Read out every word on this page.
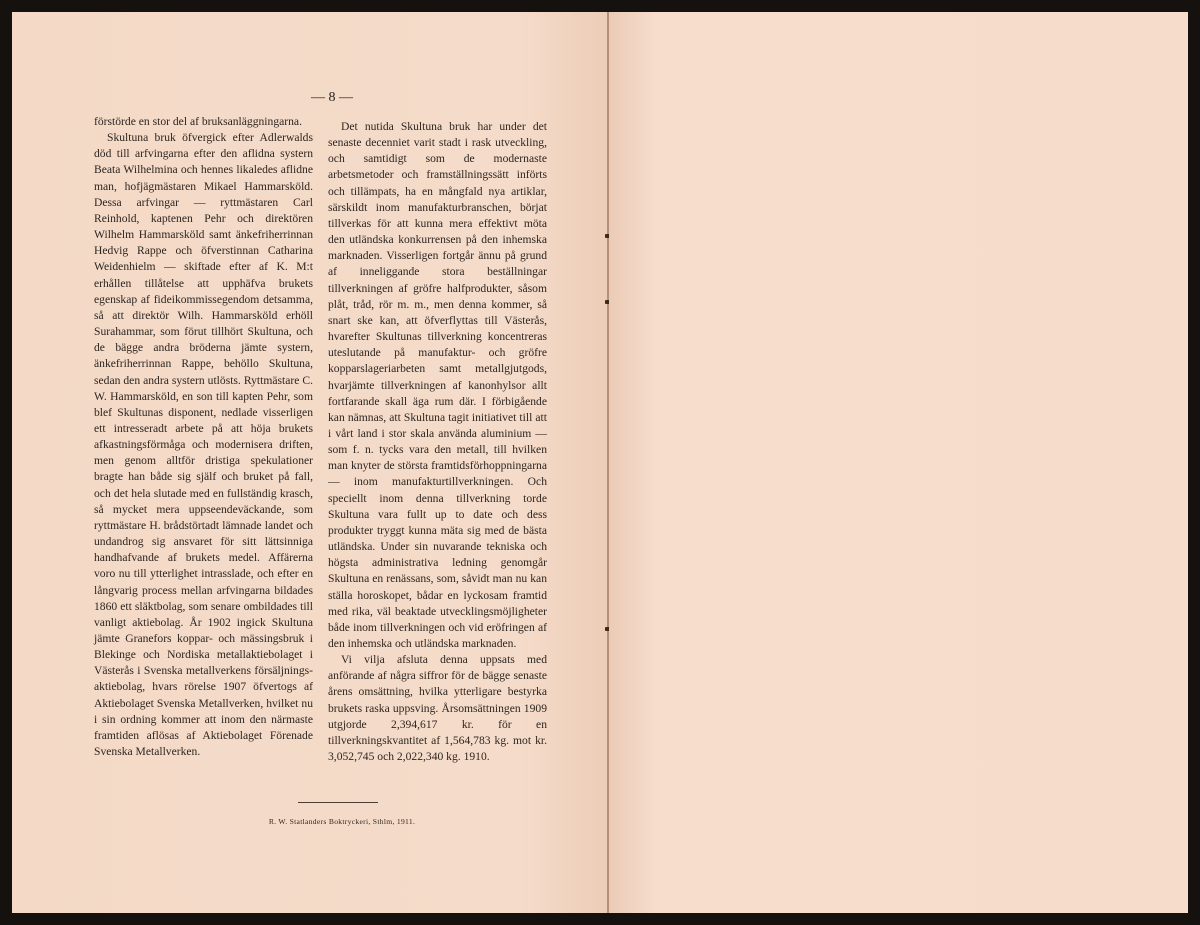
— 8 —

förstörde en stor del af bruksanläggningarna.

Skultuna bruk öfvergick efter Adlerwalds död till arfvingarna efter den aflidna systern Beata Wilhelmina och hennes likaledes aflidne man, hofjägmästaren Mikael Hammarsköld. Dessa arfvingar — ryttmästaren Carl Reinhold, kaptenen Pehr och direktören Wilhelm Hammarsköld samt änkefriherrinnan Hedvig Rappe och öfverstinnan Catharina Weidenhielm — skiftade efter af K. M:t erhållen tillåtelse att upphäfva brukets egenskap af fideikommissegendom detsamma, så att direktör Wilh. Hammarsköld erhöll Surahammar, som förut tillhört Skultuna, och de bägge andra bröderna jämte systern, änkefriherrinnan Rappe, behöllo Skultuna, sedan den andra systern utlösts. Ryttmästare C. W. Hammarsköld, en son till kapten Pehr, som blef Skultunas disponent, nedlade visserligen ett intresseradt arbete på att höja brukets afkastningsförmåga och modernisera driften, men genom alltför dristiga spekulationer bragte han både sig själf och bruket på fall, och det hela slutade med en fullständig krasch, så mycket mera uppseendeväckande, som ryttmästare H. brådstörtadt lämnade landet och undandrog sig ansvaret för sitt lättsinniga handhafvande af brukets medel. Affärerna voro nu till ytterlighet intrasslade, och efter en långvarig process mellan arfvingarna bildades 1860 ett släktbolag, som senare ombildades till vanligt aktiebolag. År 1902 ingick Skultuna jämte Granefors koppar- och mässingsbruk i Blekinge och Nordiska metallaktiebolaget i Västerås i Svenska metallverkens försäljnings-aktiebolag, hvars rörelse 1907 öfvertogs af Aktiebolaget Svenska Metallverken, hvilket nu i sin ordning kommer att inom den närmaste framtiden aflösas af Aktiebolaget Förenade Svenska Metallverken.

Det nutida Skultuna bruk har under det senaste decenniet varit stadt i rask utveckling, och samtidigt som de modernaste arbetsmetoder och framställningssätt införts och tillämpats, ha en mångfald nya artiklar, särskildt inom manufakturbranschen, börjat tillverkas för att kunna mera effektivt möta den utländska konkurrensen på den inhemska marknaden. Visserligen fortgår ännu på grund af inneliggande stora beställningar tillverkningen af gröfre halfprodukter, såsom plåt, tråd, rör m. m., men denna kommer, så snart ske kan, att öfverflyttas till Västerås, hvarefter Skultunas tillverkning koncentreras uteslutande på manufaktur- och gröfre kopparslageriarbeten samt metallgjutgods, hvarjämte tillverkningen af kanonhylsor allt fortfarande skall äga rum där. I förbigående kan nämnas, att Skultuna tagit initiativet till att i vårt land i stor skala använda aluminium — som f. n. tycks vara den metall, till hvilken man knyter de största framtidsförhoppningarna — inom manufakturtillverkningen. Och speciellt inom denna tillverkning torde Skultuna vara fullt up to date och dess produkter tryggt kunna mäta sig med de bästa utländska. Under sin nuvarande tekniska och högsta administrativa ledning genomgår Skultuna en renässans, som, såvidt man nu kan ställa horoskopet, bådar en lyckosam framtid med rika, väl beaktade utvecklingsmöjligheter både inom tillverkningen och vid eröfringen af den inhemska och utländska marknaden.

Vi vilja afsluta denna uppsats med anförande af några siffror för de bägge senaste årens omsättning, hvilka ytterligare bestyrka brukets raska uppsving. Årsomsättningen 1909 utgjorde 2,394,617 kr. för en tillverkningskvantitet af 1,564,783 kg. mot kr. 3,052,745 och 2,022,340 kg. 1910.

R. W. Statlanders Boktryckeri, Sthlm, 1911.
